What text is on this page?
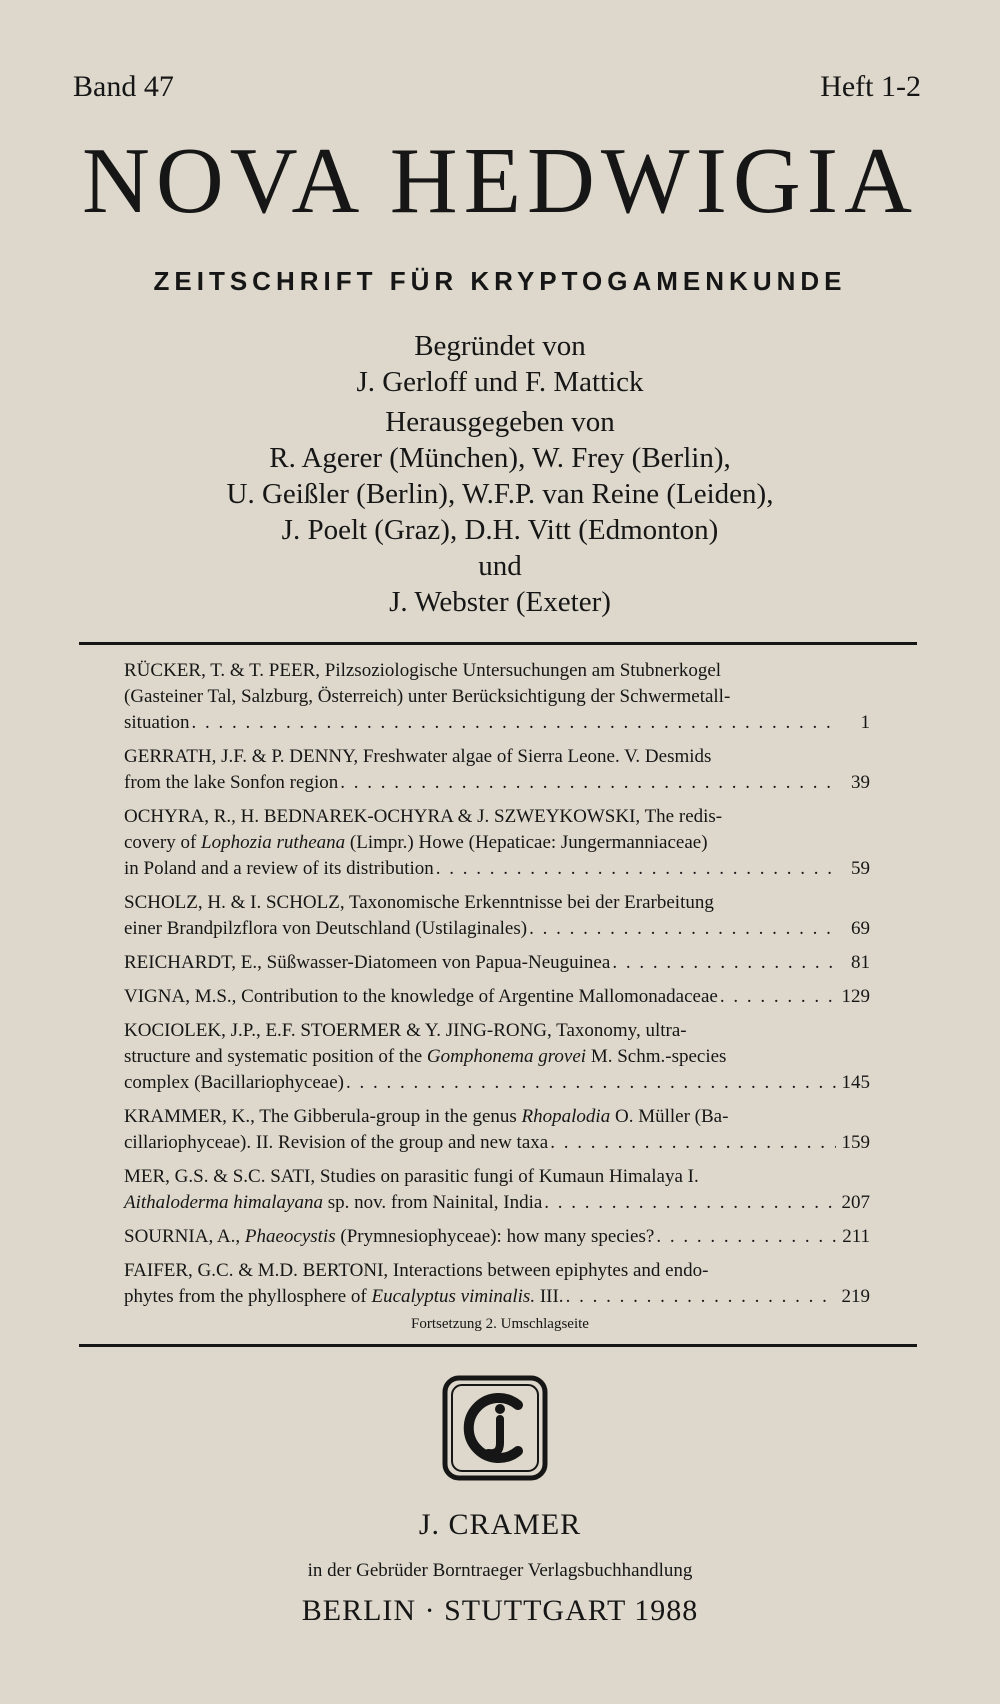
Band 47	Heft 1-2
NOVA HEDWIGIA
ZEITSCHRIFT FÜR KRYPTOGAMENKUNDE
Begründet von
J. Gerloff und F. Mattick
Herausgegeben von
R. Agerer (München), W. Frey (Berlin),
U. Geißler (Berlin), W.F.P. van Reine (Leiden),
J. Poelt (Graz), D.H. Vitt (Edmonton)
und
J. Webster (Exeter)
RÜCKER, T. & T. PEER, Pilzsoziologische Untersuchungen am Stubnerkogel
(Gasteiner Tal, Salzburg, Österreich) unter Berücksichtigung der Schwermetall-
situation . . .	1
GERRATH, J.F. & P. DENNY, Freshwater algae of Sierra Leone. V. Desmids
from the lake Sonfon region . . .	39
OCHYRA, R., H. BEDNAREK-OCHYRA & J. SZWEYKOWSKI, The redis-
covery of Lophozia rutheana (Limpr.) Howe (Hepaticae: Jungermanniaceae)
in Poland and a review of its distribution . . .	59
SCHOLZ, H. & I. SCHOLZ, Taxonomische Erkenntnisse bei der Erarbeitung
einer Brandpilzflora von Deutschland (Ustilaginales) . . .	69
REICHARDT, E., Süßwasser-Diatomeen von Papua-Neuguinea . . .	81
VIGNA, M.S., Contribution to the knowledge of Argentine Mallomonadaceae . . .	129
KOCIOLEK, J.P., E.F. STOERMER & Y. JING-RONG, Taxonomy, ultra-
structure and systematic position of the Gomphonema grovei M. Schm.-species
complex (Bacillariophyceae) . . .	145
KRAMMER, K., The Gibberula-group in the genus Rhopalodia O. Müller (Ba-
cillariophyceae). II. Revision of the group and new taxa . . .	159
MER, G.S. & S.C. SATI, Studies on parasitic fungi of Kumaun Himalaya I.
Aithaloderma himalayana sp. nov. from Nainital, India . . .	207
SOURNIA, A., Phaeocystis (Prymnesiophyceae): how many species? . . .	211
FAIFER, G.C. & M.D. BERTONI, Interactions between epiphytes and endo-
phytes from the phyllosphere of Eucalyptus viminalis. III. . . .	219
Fortsetzung 2. Umschlagseite
J. CRAMER
in der Gebrüder Borntraeger Verlagsbuchhandlung
BERLIN · STUTTGART 1988
